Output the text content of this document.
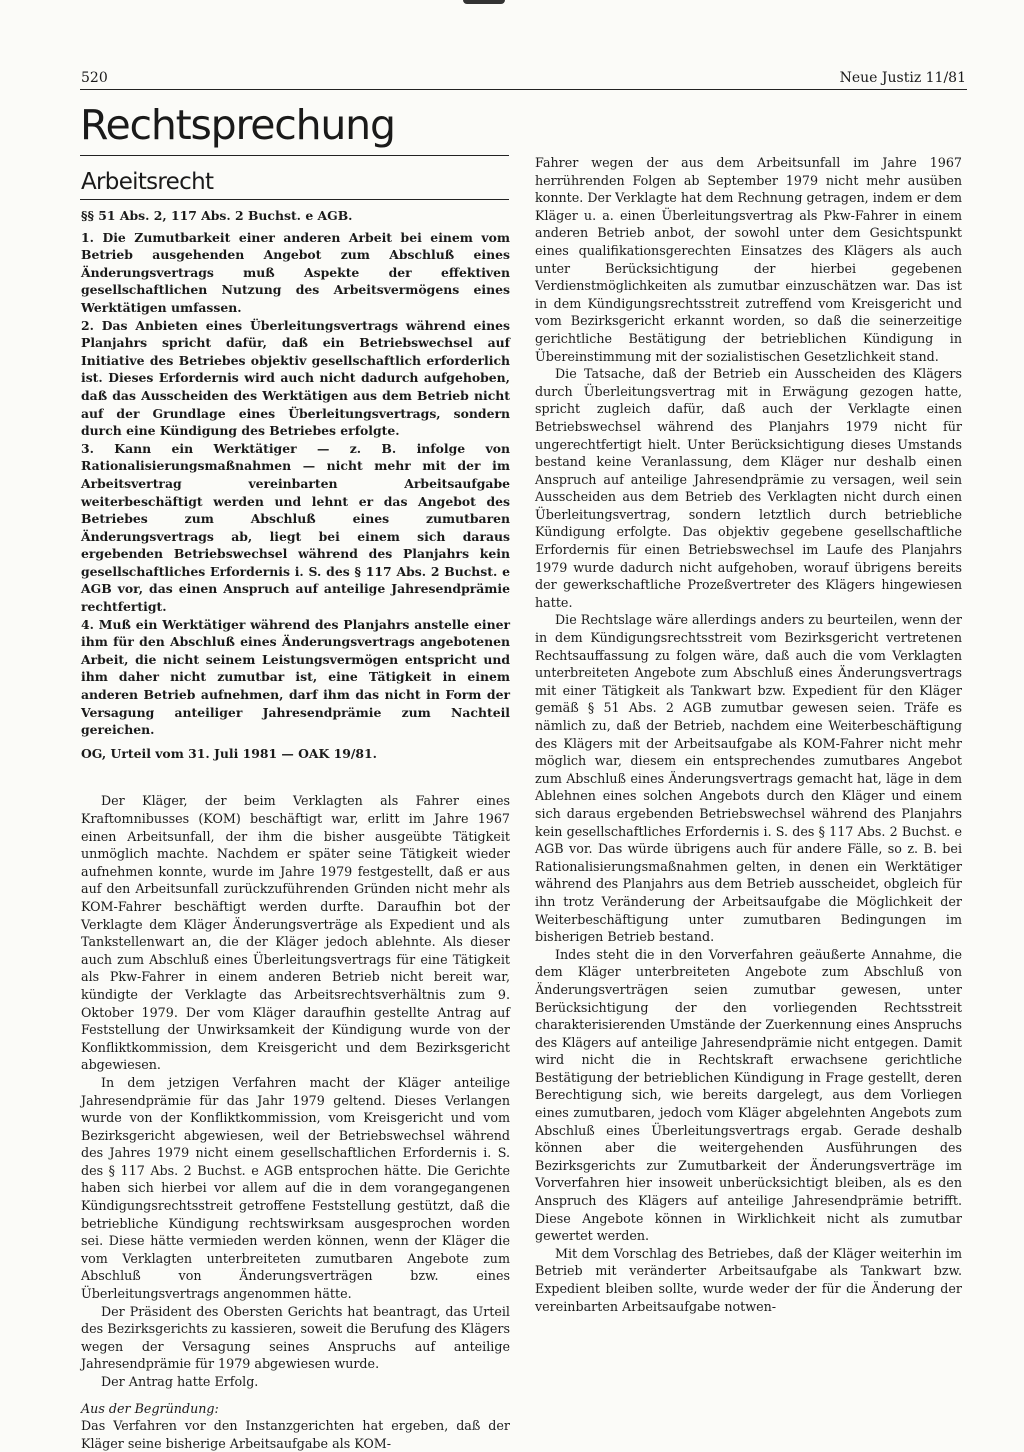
520	Neue Justiz 11/81
Rechtsprechung
Arbeitsrecht

§§ 51 Abs. 2, 117 Abs. 2 Buchst. e AGB.

1. Die Zumutbarkeit einer anderen Arbeit bei einem vom Betrieb ausgehenden Angebot zum Abschluß eines Änderungsvertrags muß Aspekte der effektiven gesellschaftlichen Nutzung des Arbeitsvermögens eines Werktätigen umfassen.

2. Das Anbieten eines Überleitungsvertrags während eines Planjahrs spricht dafür, daß ein Betriebswechsel auf Initiative des Betriebes objektiv gesellschaftlich erforderlich ist. Dieses Erfordernis wird auch nicht dadurch aufgehoben, daß das Ausscheiden des Werktätigen aus dem Betrieb nicht auf der Grundlage eines Überleitungsvertrags, sondern durch eine Kündigung des Betriebes erfolgte.

3. Kann ein Werktätiger — z. B. infolge von Rationalisierungsmaßnahmen — nicht mehr mit der im Arbeitsvertrag vereinbarten Arbeitsaufgabe weiterbeschäftigt werden und lehnt er das Angebot des Betriebes zum Abschluß eines zumutbaren Änderungsvertrags ab, liegt bei einem sich daraus ergebenden Betriebswechsel während des Planjahrs kein gesellschaftliches Erfordernis i. S. des § 117 Abs. 2 Buchst. e AGB vor, das einen Anspruch auf anteilige Jahresendprämie rechtfertigt.

4. Muß ein Werktätiger während des Planjahrs anstelle einer ihm für den Abschluß eines Änderungsvertrags angebotenen Arbeit, die nicht seinem Leistungsvermögen entspricht und ihm daher nicht zumutbar ist, eine Tätigkeit in einem anderen Betrieb aufnehmen, darf ihm das nicht in Form der Versagung anteiliger Jahresendprämie zum Nachteil gereichen.

OG, Urteil vom 31. Juli 1981 — OAK 19/81.

Der Kläger, der beim Verklagten als Fahrer eines Kraftomnibusses (KOM) beschäftigt war, erlitt im Jahre 1967 einen Arbeitsunfall, der ihm die bisher ausgeübte Tätigkeit unmöglich machte. Nachdem er später seine Tätigkeit wieder aufnehmen konnte, wurde im Jahre 1979 festgestellt, daß er aus auf den Arbeitsunfall zurückzuführenden Gründen nicht mehr als KOM-Fahrer beschäftigt werden durfte. Daraufhin bot der Verklagte dem Kläger Änderungsverträge als Expedient und als Tankstellenwart an, die der Kläger jedoch ablehnte. Als dieser auch zum Abschluß eines Überleitungsvertrags für eine Tätigkeit als Pkw-Fahrer in einem anderen Betrieb nicht bereit war, kündigte der Verklagte das Arbeitsrechtsverhältnis zum 9. Oktober 1979. Der vom Kläger daraufhin gestellte Antrag auf Feststellung der Unwirksamkeit der Kündigung wurde von der Konfliktkommission, dem Kreisgericht und dem Bezirksgericht abgewiesen.

In dem jetzigen Verfahren macht der Kläger anteilige Jahresendprämie für das Jahr 1979 geltend. Dieses Verlangen wurde von der Konfliktkommission, vom Kreisgericht und vom Bezirksgericht abgewiesen, weil der Betriebswechsel während des Jahres 1979 nicht einem gesellschaftlichen Erfordernis i. S. des § 117 Abs. 2 Buchst. e AGB entsprochen hätte. Die Gerichte haben sich hierbei vor allem auf die in dem vorangegangenen Kündigungsrechtsstreit getroffene Feststellung gestützt, daß die betriebliche Kündigung rechtswirksam ausgesprochen worden sei. Diese hätte vermieden werden können, wenn der Kläger die vom Verklagten unterbreiteten zumutbaren Angebote zum Abschluß von Änderungsverträgen bzw. eines Überleitungsvertrags angenommen hätte.

Der Präsident des Obersten Gerichts hat beantragt, das Urteil des Bezirksgerichts zu kassieren, soweit die Berufung des Klägers wegen der Versagung seines Anspruchs auf anteilige Jahresendprämie für 1979 abgewiesen wurde.

Der Antrag hatte Erfolg.

Aus der Begründung:

Das Verfahren vor den Instanzgerichten hat ergeben, daß der Kläger seine bisherige Arbeitsaufgabe als KOM-

Fahrer wegen der aus dem Arbeitsunfall im Jahre 1967 herrührenden Folgen ab September 1979 nicht mehr ausüben konnte. Der Verklagte hat dem Rechnung getragen, indem er dem Kläger u. a. einen Überleitungsvertrag als Pkw-Fahrer in einem anderen Betrieb anbot, der sowohl unter dem Gesichtspunkt eines qualifikationsgerechten Einsatzes des Klägers als auch unter Berücksichtigung der hierbei gegebenen Verdienstmöglichkeiten als zumutbar einzuschätzen war. Das ist in dem Kündigungsrechtsstreit zutreffend vom Kreisgericht und vom Bezirksgericht erkannt worden, so daß die seinerzeitige gerichtliche Bestätigung der betrieblichen Kündigung in Übereinstimmung mit der sozialistischen Gesetzlichkeit stand.

Die Tatsache, daß der Betrieb ein Ausscheiden des Klägers durch Überleitungsvertrag mit in Erwägung gezogen hatte, spricht zugleich dafür, daß auch der Verklagte einen Betriebswechsel während des Planjahrs 1979 nicht für ungerechtfertigt hielt. Unter Berücksichtigung dieses Umstands bestand keine Veranlassung, dem Kläger nur deshalb einen Anspruch auf anteilige Jahresendprämie zu versagen, weil sein Ausscheiden aus dem Betrieb des Verklagten nicht durch einen Überleitungsvertrag, sondern letztlich durch betriebliche Kündigung erfolgte. Das objektiv gegebene gesellschaftliche Erfordernis für einen Betriebswechsel im Laufe des Planjahrs 1979 wurde dadurch nicht aufgehoben, worauf übrigens bereits der gewerkschaftliche Prozeßvertreter des Klägers hingewiesen hatte.

Die Rechtslage wäre allerdings anders zu beurteilen, wenn der in dem Kündigungsrechtsstreit vom Bezirksgericht vertretenen Rechtsauffassung zu folgen wäre, daß auch die vom Verklagten unterbreiteten Angebote zum Abschluß eines Änderungsvertrags mit einer Tätigkeit als Tankwart bzw. Expedient für den Kläger gemäß § 51 Abs. 2 AGB zumutbar gewesen seien. Träfe es nämlich zu, daß der Betrieb, nachdem eine Weiterbeschäftigung des Klägers mit der Arbeitsaufgabe als KOM-Fahrer nicht mehr möglich war, diesem ein entsprechendes zumutbares Angebot zum Abschluß eines Änderungsvertrags gemacht hat, läge in dem Ablehnen eines solchen Angebots durch den Kläger und einem sich daraus ergebenden Betriebswechsel während des Planjahrs kein gesellschaftliches Erfordernis i. S. des § 117 Abs. 2 Buchst. e AGB vor. Das würde übrigens auch für andere Fälle, so z. B. bei Rationalisierungsmaßnahmen gelten, in denen ein Werktätiger während des Planjahrs aus dem Betrieb ausscheidet, obgleich für ihn trotz Veränderung der Arbeitsaufgabe die Möglichkeit der Weiterbeschäftigung unter zumutbaren Bedingungen im bisherigen Betrieb bestand.

Indes steht die in den Vorverfahren geäußerte Annahme, die dem Kläger unterbreiteten Angebote zum Abschluß von Änderungsverträgen seien zumutbar gewesen, unter Berücksichtigung der den vorliegenden Rechtsstreit charakterisierenden Umstände der Zuerkennung eines Anspruchs des Klägers auf anteilige Jahresendprämie nicht entgegen. Damit wird nicht die in Rechtskraft erwachsene gerichtliche Bestätigung der betrieblichen Kündigung in Frage gestellt, deren Berechtigung sich, wie bereits dargelegt, aus dem Vorliegen eines zumutbaren, jedoch vom Kläger abgelehnten Angebots zum Abschluß eines Überleitungsvertrags ergab. Gerade deshalb können aber die weitergehenden Ausführungen des Bezirksgerichts zur Zumutbarkeit der Änderungsverträge im Vorverfahren hier insoweit unberücksichtigt bleiben, als es den Anspruch des Klägers auf anteilige Jahresendprämie betrifft. Diese Angebote können in Wirklichkeit nicht als zumutbar gewertet werden.

Mit dem Vorschlag des Betriebes, daß der Kläger weiterhin im Betrieb mit veränderter Arbeitsaufgabe als Tankwart bzw. Expedient bleiben sollte, wurde weder der für die Änderung der vereinbarten Arbeitsaufgabe notwen-
